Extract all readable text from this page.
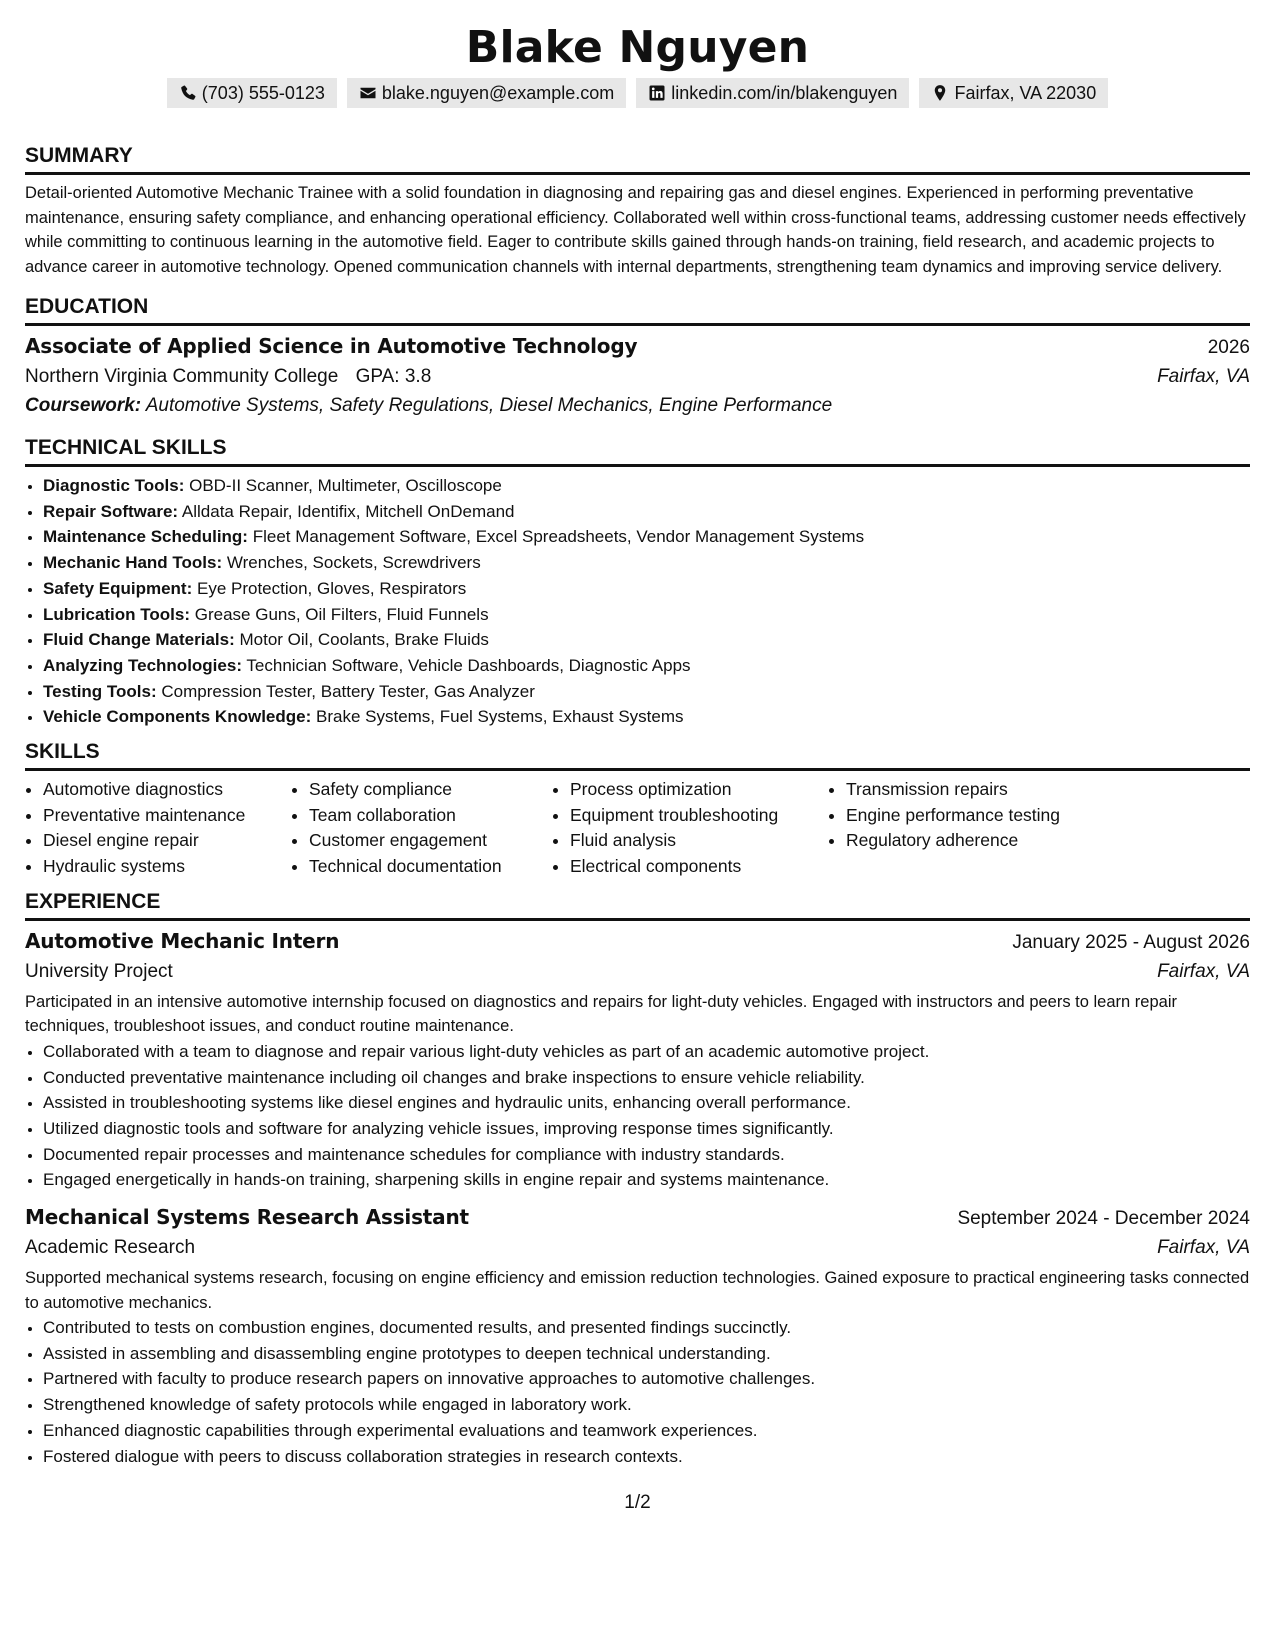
Blake Nguyen
(703) 555-0123	blake.nguyen@example.com	linkedin.com/in/blakenguyen	Fairfax, VA 22030
SUMMARY

Detail-oriented Automotive Mechanic Trainee with a solid foundation in diagnosing and repairing gas and diesel engines. Experienced in performing preventative maintenance, ensuring safety compliance, and enhancing operational efficiency. Collaborated well within cross-functional teams, addressing customer needs effectively while committing to continuous learning in the automotive field. Eager to contribute skills gained through hands-on training, field research, and academic projects to advance career in automotive technology. Opened communication channels with internal departments, strengthening team dynamics and improving service delivery.

EDUCATION
Associate of Applied Science in Automotive Technology	2026
Northern Virginia Community College GPA: 3.8	Fairfax, VA
Coursework: Automotive Systems, Safety Regulations, Diesel Mechanics, Engine Performance
TECHNICAL SKILLS
• Diagnostic Tools: OBD-II Scanner, Multimeter, Oscilloscope
• Repair Software: Alldata Repair, Identifix, Mitchell OnDemand
• Maintenance Scheduling: Fleet Management Software, Excel Spreadsheets, Vendor Management Systems
• Mechanic Hand Tools: Wrenches, Sockets, Screwdrivers
• Safety Equipment: Eye Protection, Gloves, Respirators
• Lubrication Tools: Grease Guns, Oil Filters, Fluid Funnels
• Fluid Change Materials: Motor Oil, Coolants, Brake Fluids
• Analyzing Technologies: Technician Software, Vehicle Dashboards, Diagnostic Apps
• Testing Tools: Compression Tester, Battery Tester, Gas Analyzer
• Vehicle Components Knowledge: Brake Systems, Fuel Systems, Exhaust Systems
SKILLS
• Automotive diagnostics
• Preventative maintenance
• Diesel engine repair
• Hydraulic systems
• Safety compliance
• Team collaboration
• Customer engagement
• Technical documentation
• Process optimization
• Equipment troubleshooting
• Fluid analysis
• Electrical components
• Transmission repairs
• Engine performance testing
• Regulatory adherence
EXPERIENCE
Automotive Mechanic Intern	January 2025 - August 2026
University Project	Fairfax, VA

Participated in an intensive automotive internship focused on diagnostics and repairs for light-duty vehicles. Engaged with instructors and peers to learn repair techniques, troubleshoot issues, and conduct routine maintenance.

• Collaborated with a team to diagnose and repair various light-duty vehicles as part of an academic automotive project.
• Conducted preventative maintenance including oil changes and brake inspections to ensure vehicle reliability.
• Assisted in troubleshooting systems like diesel engines and hydraulic units, enhancing overall performance.
• Utilized diagnostic tools and software for analyzing vehicle issues, improving response times significantly.
• Documented repair processes and maintenance schedules for compliance with industry standards.
• Engaged energetically in hands-on training, sharpening skills in engine repair and systems maintenance.
Mechanical Systems Research Assistant	September 2024 - December 2024
Academic Research	Fairfax, VA

Supported mechanical systems research, focusing on engine efficiency and emission reduction technologies. Gained exposure to practical engineering tasks connected to automotive mechanics.

• Contributed to tests on combustion engines, documented results, and presented findings succinctly.
• Assisted in assembling and disassembling engine prototypes to deepen technical understanding.
• Partnered with faculty to produce research papers on innovative approaches to automotive challenges.
• Strengthened knowledge of safety protocols while engaged in laboratory work.
• Enhanced diagnostic capabilities through experimental evaluations and teamwork experiences.
• Fostered dialogue with peers to discuss collaboration strategies in research contexts.
1/2
